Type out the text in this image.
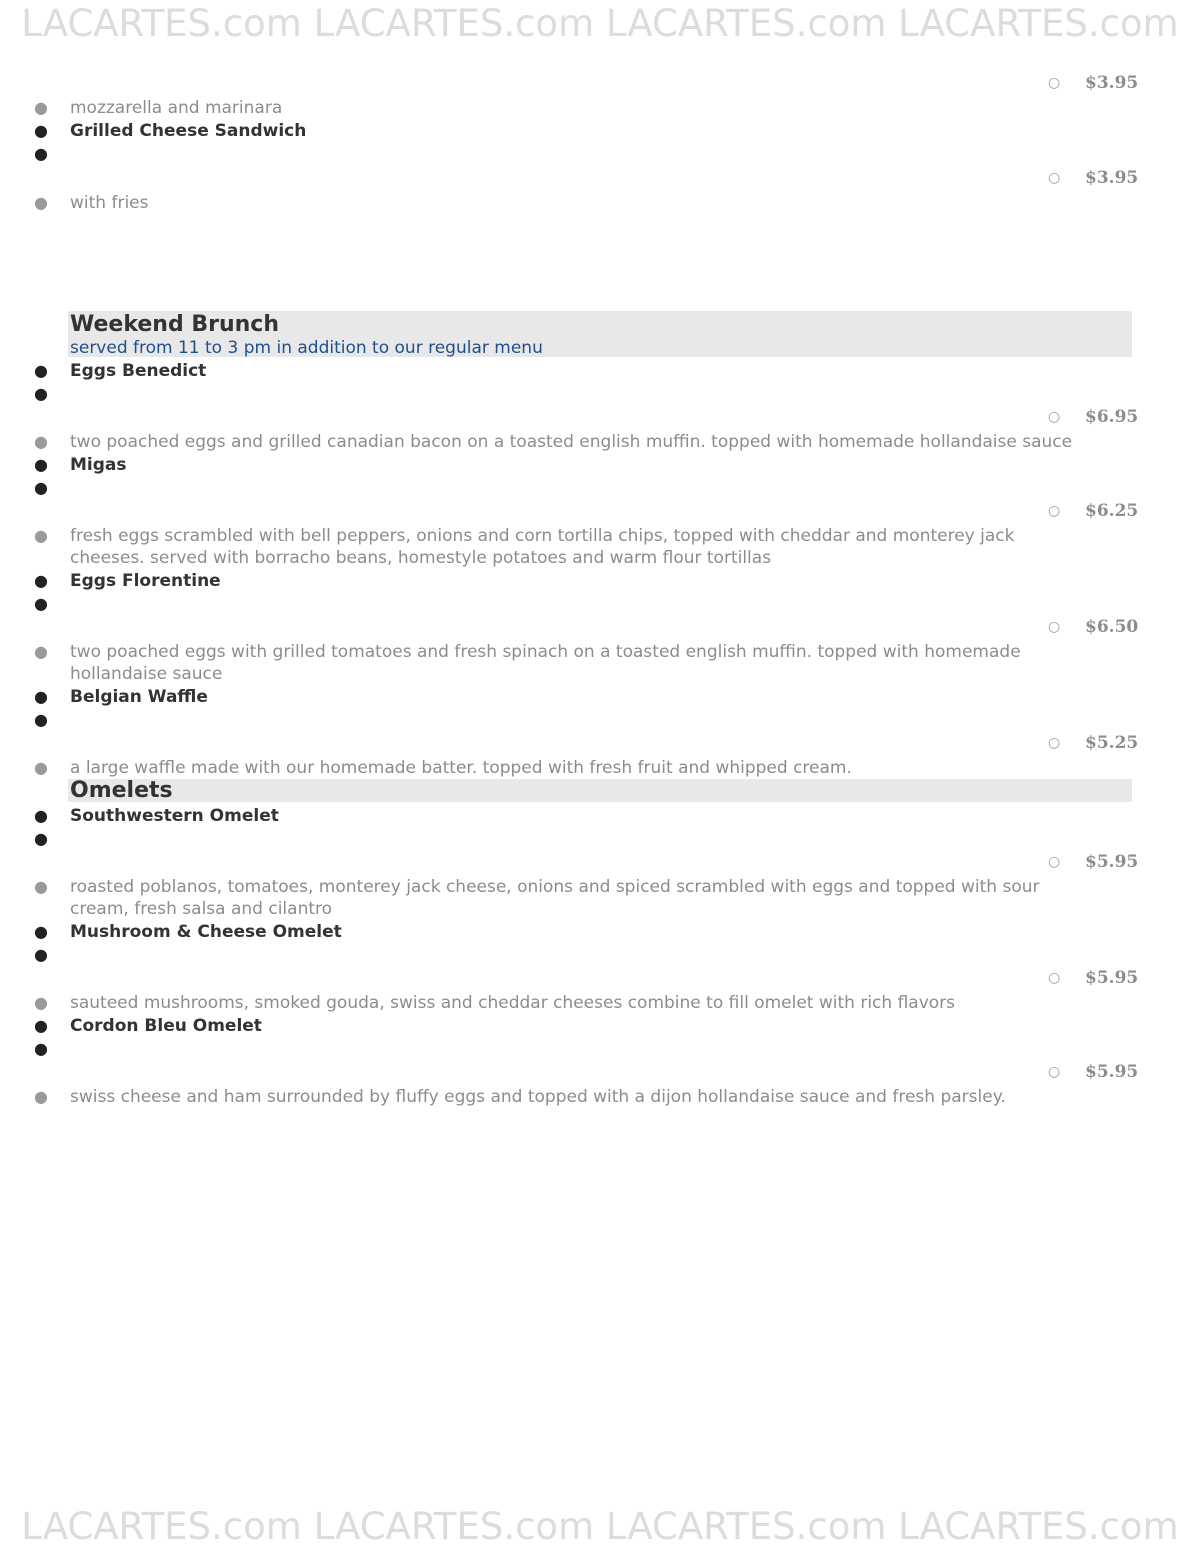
LACARTES.com LACARTES.com LACARTES.com LACARTES.com
○ $3.95
● mozzarella and marinara
● Grilled Cheese Sandwich
●
○ $3.95
● with fries
Weekend Brunch
served from 11 to 3 pm in addition to our regular menu
● Eggs Benedict
●
○ $6.95
● two poached eggs and grilled canadian bacon on a toasted english muffin. topped with homemade hollandaise sauce
● Migas
●
○ $6.25
● fresh eggs scrambled with bell peppers, onions and corn tortilla chips, topped with cheddar and monterey jack cheeses. served with borracho beans, homestyle potatoes and warm flour tortillas
● Eggs Florentine
●
○ $6.50
● two poached eggs with grilled tomatoes and fresh spinach on a toasted english muffin. topped with homemade hollandaise sauce
● Belgian Waffle
●
○ $5.25
● a large waffle made with our homemade batter. topped with fresh fruit and whipped cream.
Omelets
● Southwestern Omelet
●
○ $5.95
● roasted poblanos, tomatoes, monterey jack cheese, onions and spiced scrambled with eggs and topped with sour cream, fresh salsa and cilantro
● Mushroom & Cheese Omelet
●
○ $5.95
● sauteed mushrooms, smoked gouda, swiss and cheddar cheeses combine to fill omelet with rich flavors
● Cordon Bleu Omelet
●
○ $5.95
● swiss cheese and ham surrounded by fluffy eggs and topped with a dijon hollandaise sauce and fresh parsley.
LACARTES.com LACARTES.com LACARTES.com LACARTES.com
